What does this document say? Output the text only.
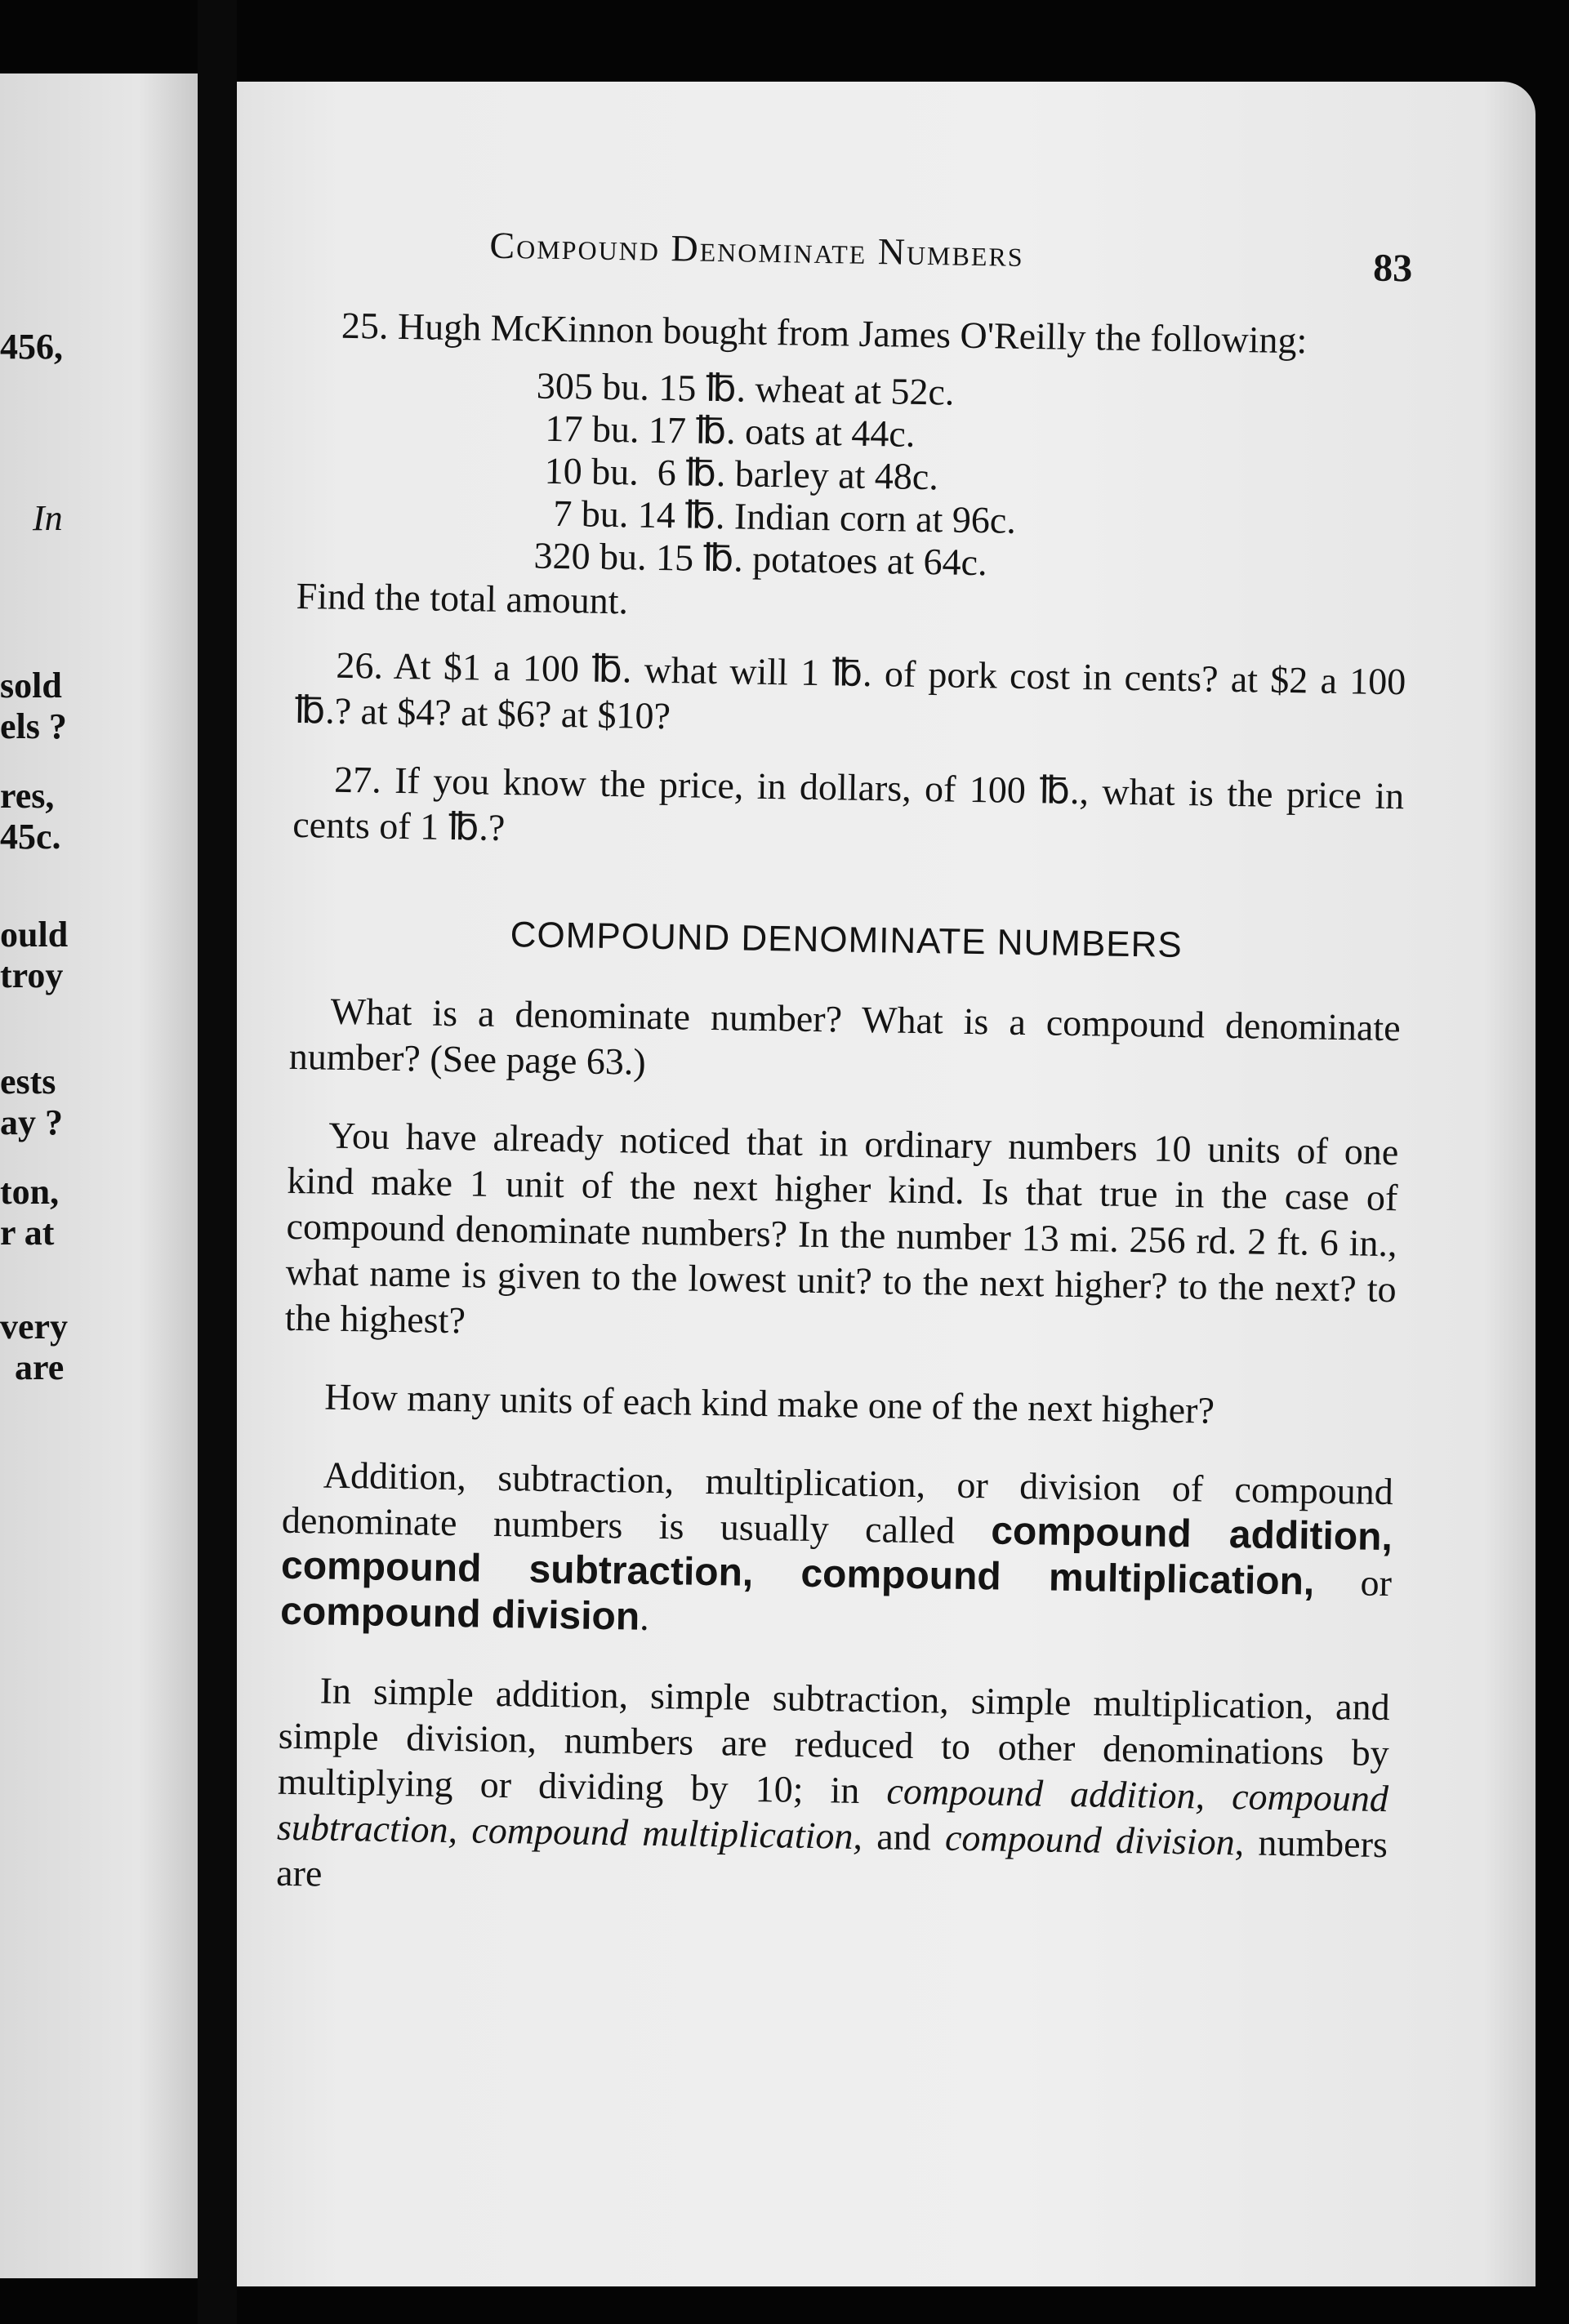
456,
In
sold
els ?
res,
45c.
ould
troy
ests
ay ?
ton,
r at
very
are
Compound Denominate Numbers	83

25. Hugh McKinnon bought from James O'Reilly the following:

305 bu. 15 ℔. wheat at 52c.
17 bu. 17 ℔. oats at 44c.
10 bu.  6 ℔. barley at 48c.
7 bu. 14 ℔. Indian corn at 96c.
320 bu. 15 ℔. potatoes at 64c.

Find the total amount.

26. At $1 a 100 ℔. what will 1 ℔. of pork cost in cents? at $2 a 100 ℔.? at $4? at $6? at $10?

27. If you know the price, in dollars, of 100 ℔., what is the price in cents of 1 ℔.?

COMPOUND DENOMINATE NUMBERS

What is a denominate number? What is a compound denominate number? (See page 63.)

You have already noticed that in ordinary numbers 10 units of one kind make 1 unit of the next higher kind. Is that true in the case of compound denominate numbers? In the number 13 mi. 256 rd. 2 ft. 6 in., what name is given to the lowest unit? to the next higher? to the next? to the highest?

How many units of each kind make one of the next higher?

Addition, subtraction, multiplication, or division of compound denominate numbers is usually called compound addition, compound subtraction, compound multiplication, or compound division.

In simple addition, simple subtraction, simple multiplication, and simple division, numbers are reduced to other denominations by multiplying or dividing by 10; in compound addition, compound subtraction, compound multiplication, and compound division, numbers are
